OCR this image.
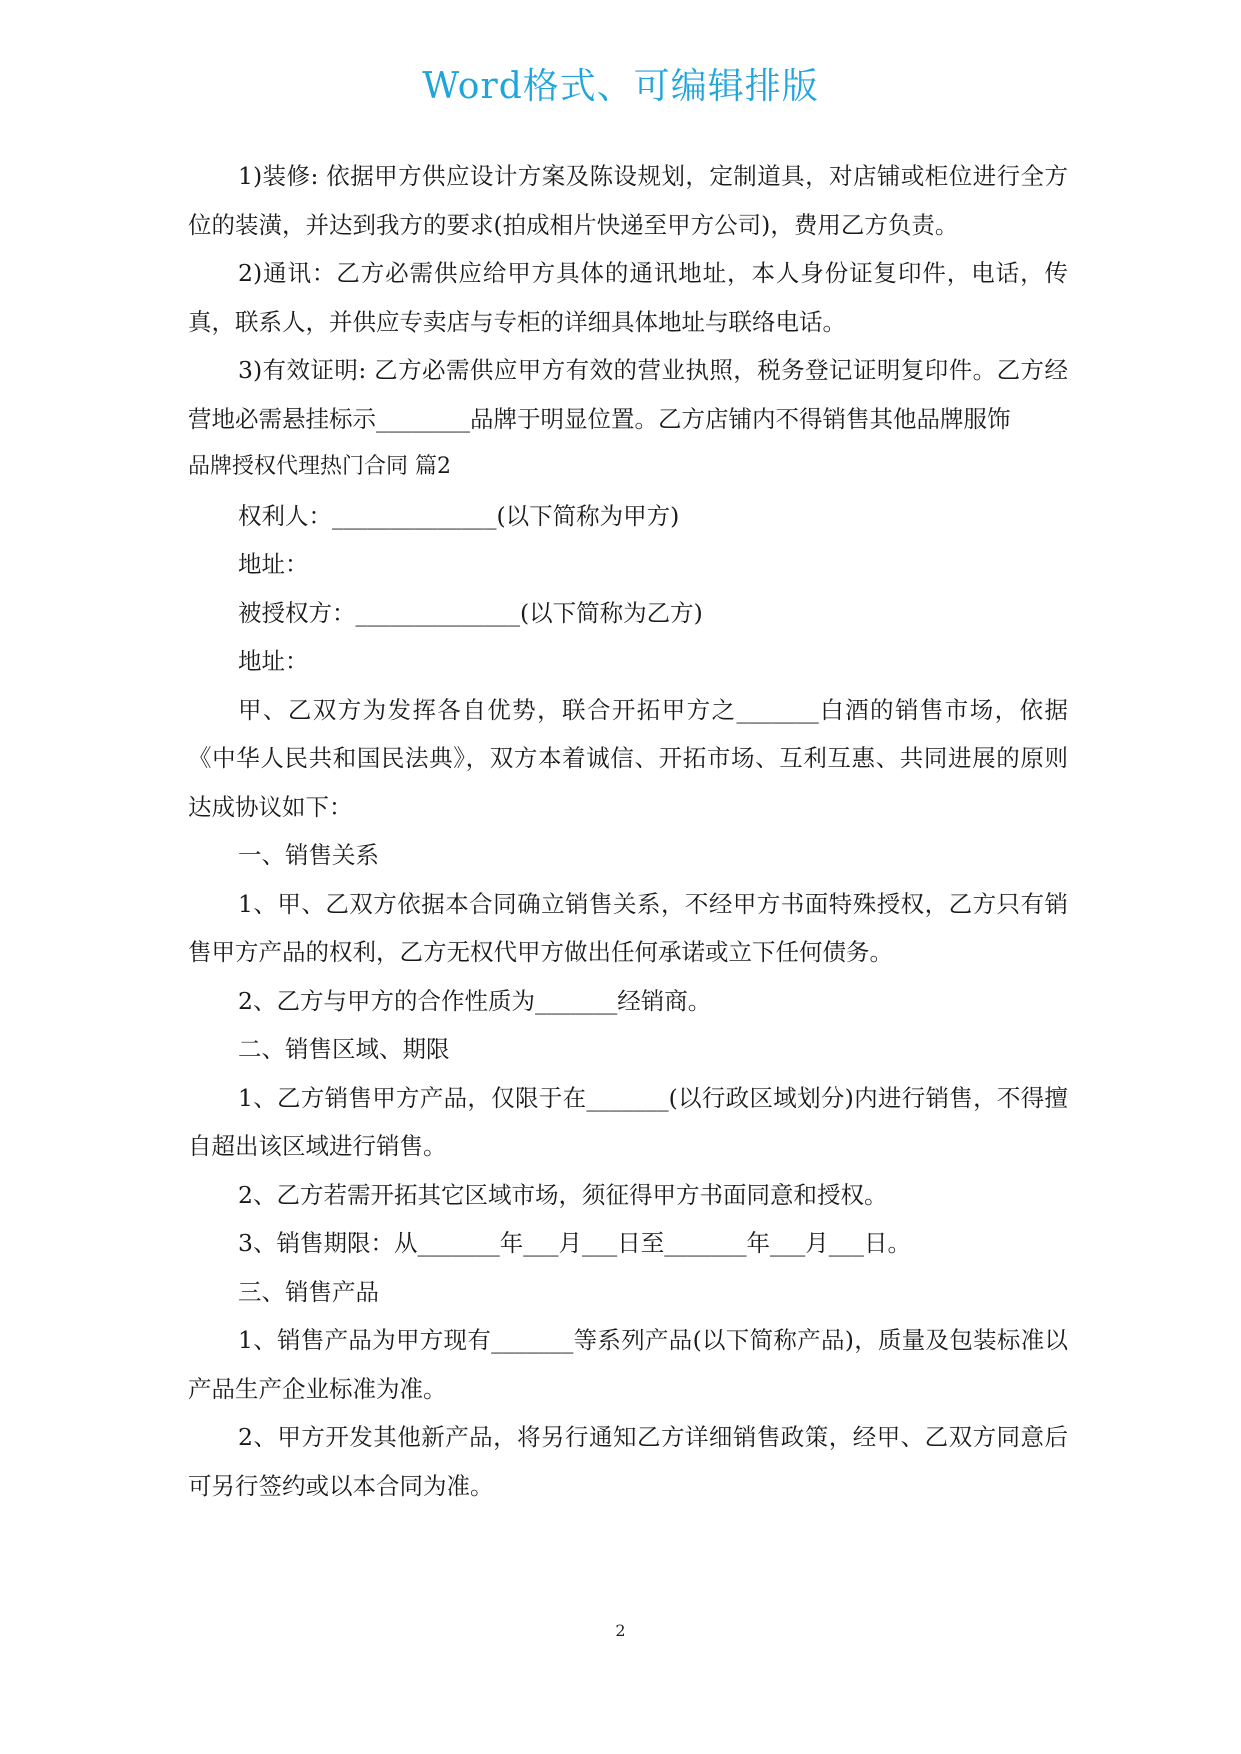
Word格式、可编辑排版

1)装修: 依据甲方供应设计方案及陈设规划，定制道具，对店铺或柜位进行全方位的装潢，并达到我方的要求(拍成相片快递至甲方公司)，费用乙方负责。

2)通讯：乙方必需供应给甲方具体的通讯地址，本人身份证复印件，电话，传真，联系人，并供应专卖店与专柜的详细具体地址与联络电话。

3)有效证明: 乙方必需供应甲方有效的营业执照，税务登记证明复印件。乙方经营地必需悬挂标示________品牌于明显位置。乙方店铺内不得销售其他品牌服饰

品牌授权代理热门合同 篇2

权利人：______________(以下简称为甲方)

地址：

被授权方：______________(以下简称为乙方)

地址：

甲、乙双方为发挥各自优势，联合开拓甲方之_______白酒的销售市场，依据《中华人民共和国民法典》，双方本着诚信、开拓市场、互利互惠、共同进展的原则达成协议如下：

一、销售关系

1、甲、乙双方依据本合同确立销售关系，不经甲方书面特殊授权，乙方只有销售甲方产品的权利，乙方无权代甲方做出任何承诺或立下任何债务。

2、乙方与甲方的合作性质为_______经销商。

二、销售区域、期限

1、乙方销售甲方产品，仅限于在_______(以行政区域划分)内进行销售，不得擅自超出该区域进行销售。

2、乙方若需开拓其它区域市场，须征得甲方书面同意和授权。

3、销售期限：从_______年___月___日至_______年___月___日。

三、销售产品

1、销售产品为甲方现有_______等系列产品(以下简称产品)，质量及包装标准以产品生产企业标准为准。

2、甲方开发其他新产品，将另行通知乙方详细销售政策，经甲、乙双方同意后可另行签约或以本合同为准。

2
